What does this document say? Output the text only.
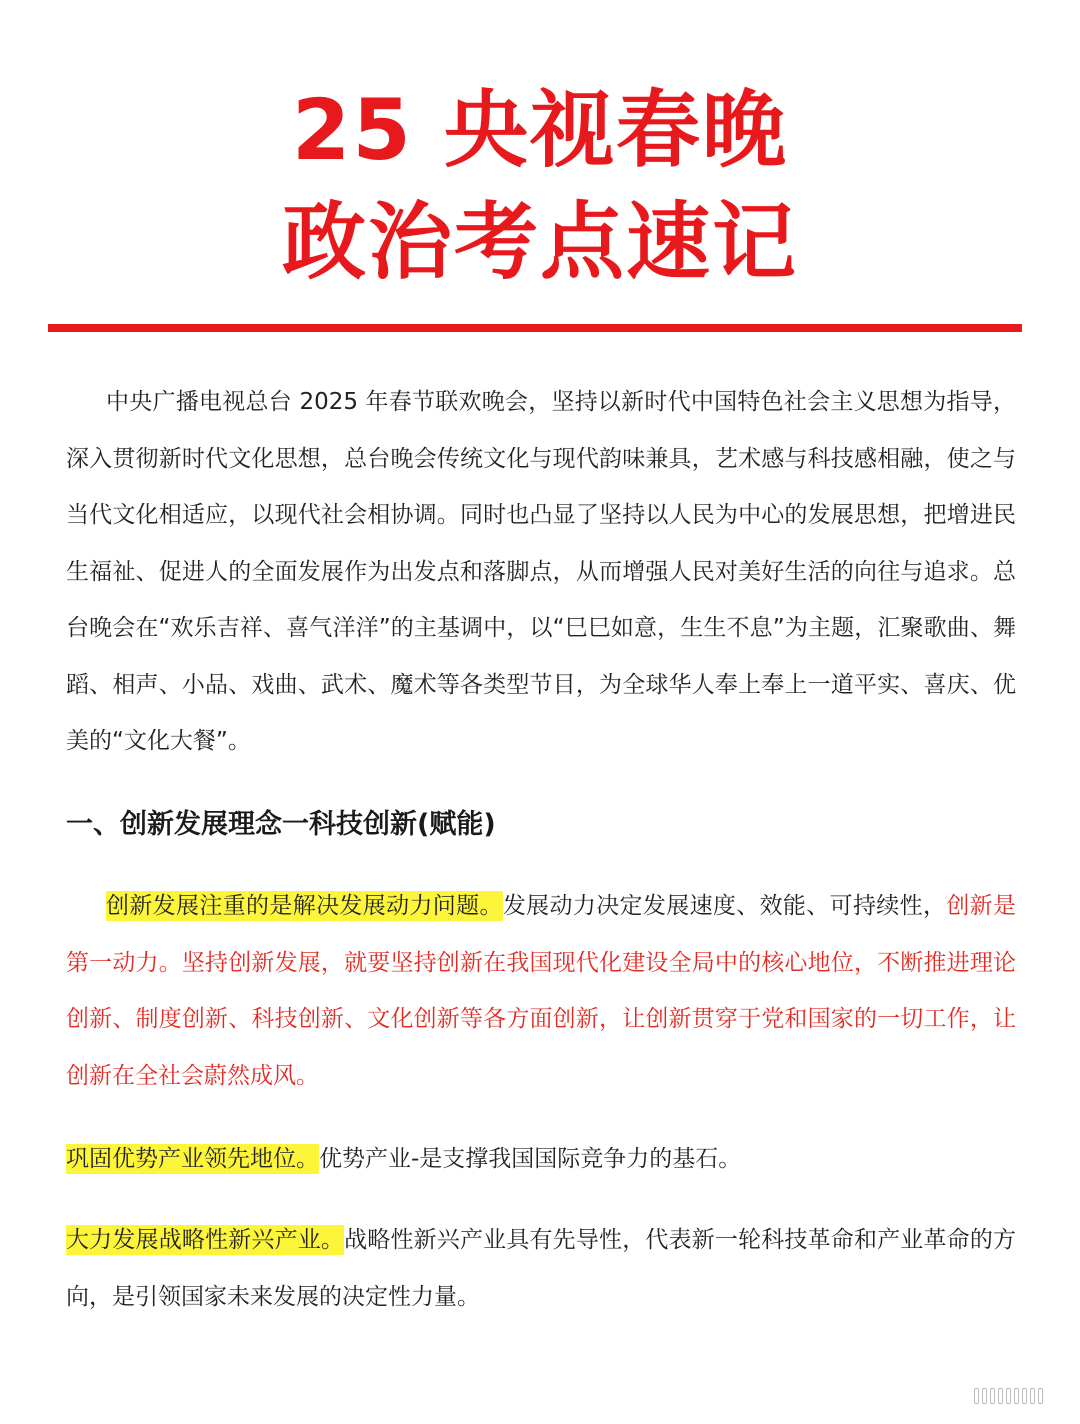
25 央视春晚
政治考点速记

中央广播电视总台 2025 年春节联欢晚会，坚持以新时代中国特色社会主义思想为指导，深入贯彻新时代文化思想，总台晚会传统文化与现代韵味兼具，艺术感与科技感相融，使之与当代文化相适应，以现代社会相协调。同时也凸显了坚持以人民为中心的发展思想，把增进民生福祉、促进人的全面发展作为出发点和落脚点，从而增强人民对美好生活的向往与追求。总台晚会在“欢乐吉祥、喜气洋洋”的主基调中，以“巳巳如意，生生不息”为主题，汇聚歌曲、舞蹈、相声、小品、戏曲、武术、魔术等各类型节目，为全球华人奉上奉上一道平实、喜庆、优美的“文化大餐”。

一、创新发展理念一科技创新(赋能)

创新发展注重的是解决发展动力问题。发展动力决定发展速度、效能、可持续性，创新是第一动力。坚持创新发展，就要坚持创新在我国现代化建设全局中的核心地位，不断推进理论创新、制度创新、科技创新、文化创新等各方面创新，让创新贯穿于党和国家的一切工作，让创新在全社会蔚然成风。

巩固优势产业领先地位。优势产业-是支撑我国国际竞争力的基石。

大力发展战略性新兴产业。战略性新兴产业具有先导性，代表新一轮科技革命和产业革命的方向，是引领国家未来发展的决定性力量。
